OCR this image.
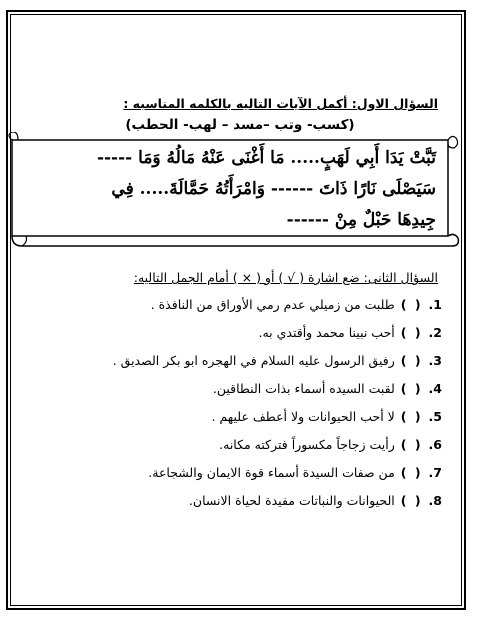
السؤال الاول: أكمل الآيات التاليه بالكلمه المناسبه :
(كسب- وتب –مسد – لهب- الحطب)
تَبَّتْ يَدَا أَبِي لَهَبٍ..... مَا أَغْنَى عَنْهُ مَالُهُ وَمَا -----
سَيَصْلَى نَارًا ذَاتَ ------ وَامْرَأَتُهُ حَمَّالَةَ..... فِي
جِيدِهَا حَبْلٌ مِنْ ------
السؤال الثانى: ضع اشارة ( √ ) أو ( × ) أمام الجمل التاليه:
1.
( )
طلبت من زميلي عدم رمي الأوراق من النافذة .
2.
( )
أحب نبينا محمد وأقتدي به.
3.
( )
رفيق الرسول عليه السلام في الهجره ابو بكر الصديق .
4.
( )
لقبت السيده أسماء بذات النطاقين.
5.
( )
لا أحب الحيوانات ولا أعطف عليهم .
6.
( )
رأيت زجاجاً مكسوراً فتركته مكانه.
7.
( )
من صفات السيدة أسماء قوة الايمان والشجاعة.
8.
( )
الحيوانات والنباتات مفيدة لحياة الانسان.
